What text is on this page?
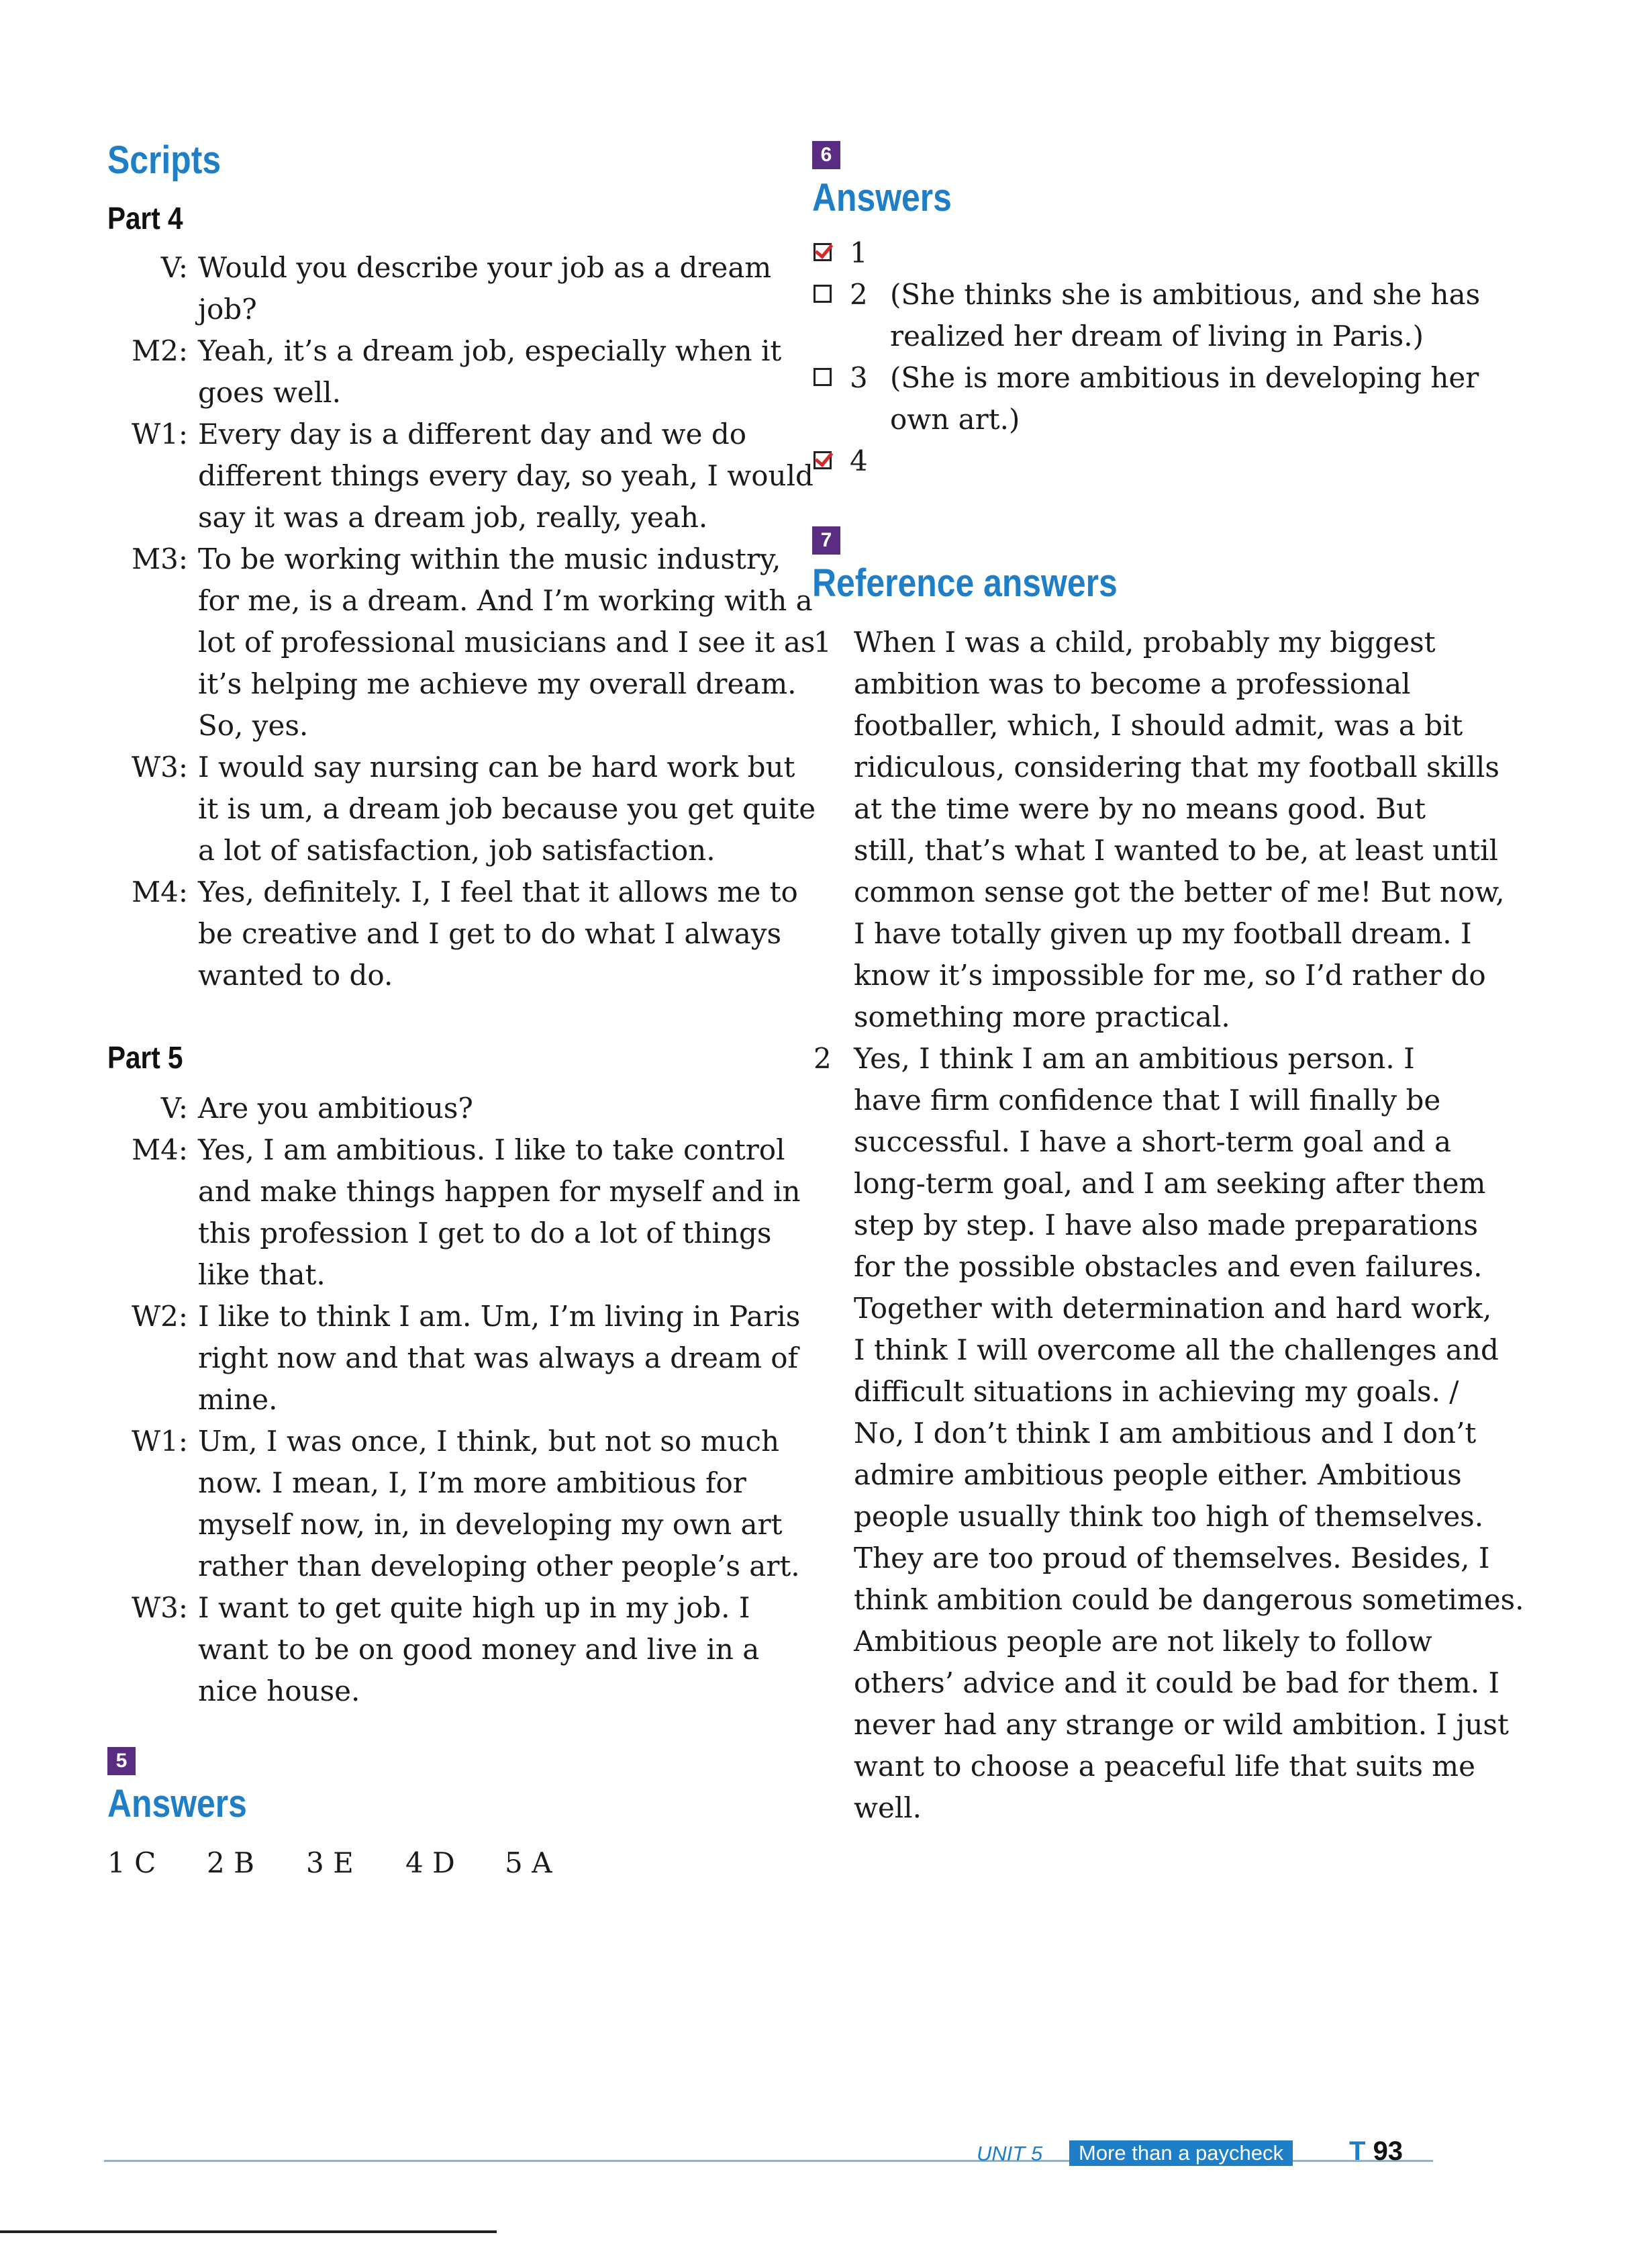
Scripts
Part 4
V: Would you describe your job as a dream
job?
M2: Yeah, it’s a dream job, especially when it
goes well.
W1: Every day is a different day and we do
different things every day, so yeah, I would
say it was a dream job, really, yeah.
M3: To be working within the music industry,
for me, is a dream. And I’m working with a
lot of professional musicians and I see it as
it’s helping me achieve my overall dream.
So, yes.
W3: I would say nursing can be hard work but
it is um, a dream job because you get quite
a lot of satisfaction, job satisfaction.
M4: Yes, definitely. I, I feel that it allows me to
be creative and I get to do what I always
wanted to do.
Part 5
V: Are you ambitious?
M4: Yes, I am ambitious. I like to take control
and make things happen for myself and in
this profession I get to do a lot of things
like that.
W2: I like to think I am. Um, I’m living in Paris
right now and that was always a dream of
mine.
W1: Um, I was once, I think, but not so much
now. I mean, I, I’m more ambitious for
myself now, in, in developing my own art
rather than developing other people’s art.
W3: I want to get quite high up in my job. I
want to be on good money and live in a
nice house.
5
Answers
1 C	2 B	3 E	4 D	5 A
6
Answers
1
2 (She thinks she is ambitious, and she has
realized her dream of living in Paris.)
3 (She is more ambitious in developing her
own art.)
4
7
Reference answers
1 When I was a child, probably my biggest
ambition was to become a professional
footballer, which, I should admit, was a bit
ridiculous, considering that my football skills
at the time were by no means good. But
still, that’s what I wanted to be, at least until
common sense got the better of me! But now,
I have totally given up my football dream. I
know it’s impossible for me, so I’d rather do
something more practical.
2 Yes, I think I am an ambitious person. I
have firm confidence that I will finally be
successful. I have a short-term goal and a
long-term goal, and I am seeking after them
step by step. I have also made preparations
for the possible obstacles and even failures.
Together with determination and hard work,
I think I will overcome all the challenges and
difficult situations in achieving my goals. /
No, I don’t think I am ambitious and I don’t
admire ambitious people either. Ambitious
people usually think too high of themselves.
They are too proud of themselves. Besides, I
think ambition could be dangerous sometimes.
Ambitious people are not likely to follow
others’ advice and it could be bad for them. I
never had any strange or wild ambition. I just
want to choose a peaceful life that suits me
well.
UNIT 5	More than a paycheck	T 93
